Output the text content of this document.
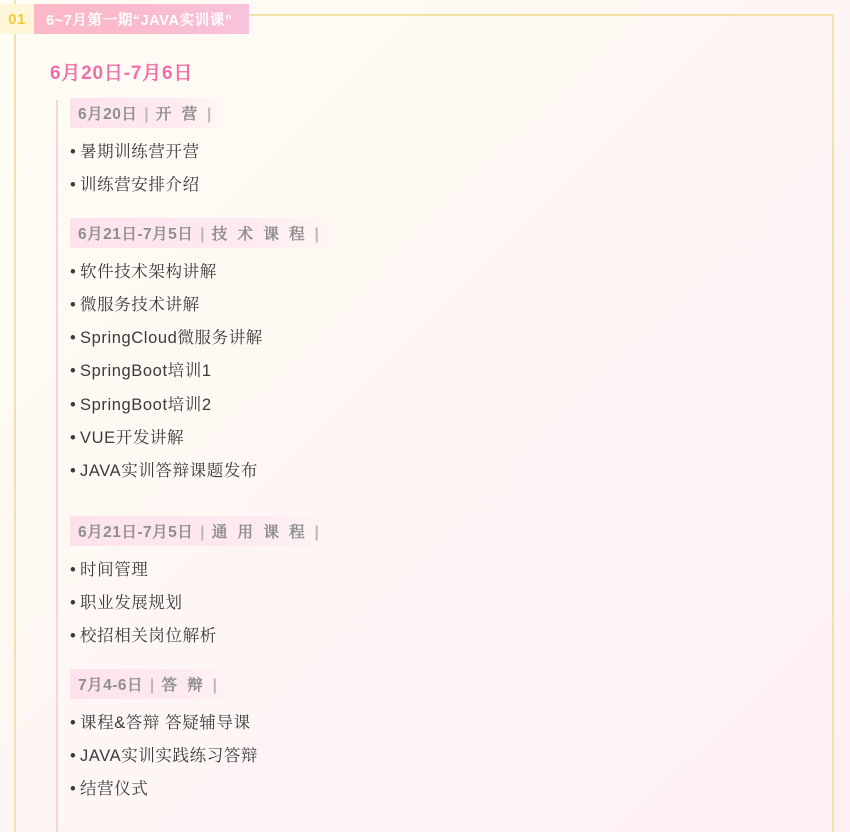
01	6~7月第一期“JAVA实训课”
6月20日-7月6日
6月20日 | 开 营 |
• 暑期训练营开营
• 训练营安排介绍
6月21日-7月5日 | 技 术 课 程 |
• 软件技术架构讲解
• 微服务技术讲解
• SpringCloud微服务讲解
• SpringBoot培训1
• SpringBoot培训2
• VUE开发讲解
• JAVA实训答辩课题发布
6月21日-7月5日 | 通 用 课 程 |
• 时间管理
• 职业发展规划
• 校招相关岗位解析
7月4-6日 | 答 辩 |
• 课程&答辩 答疑辅导课
• JAVA实训实践练习答辩
• 结营仪式
